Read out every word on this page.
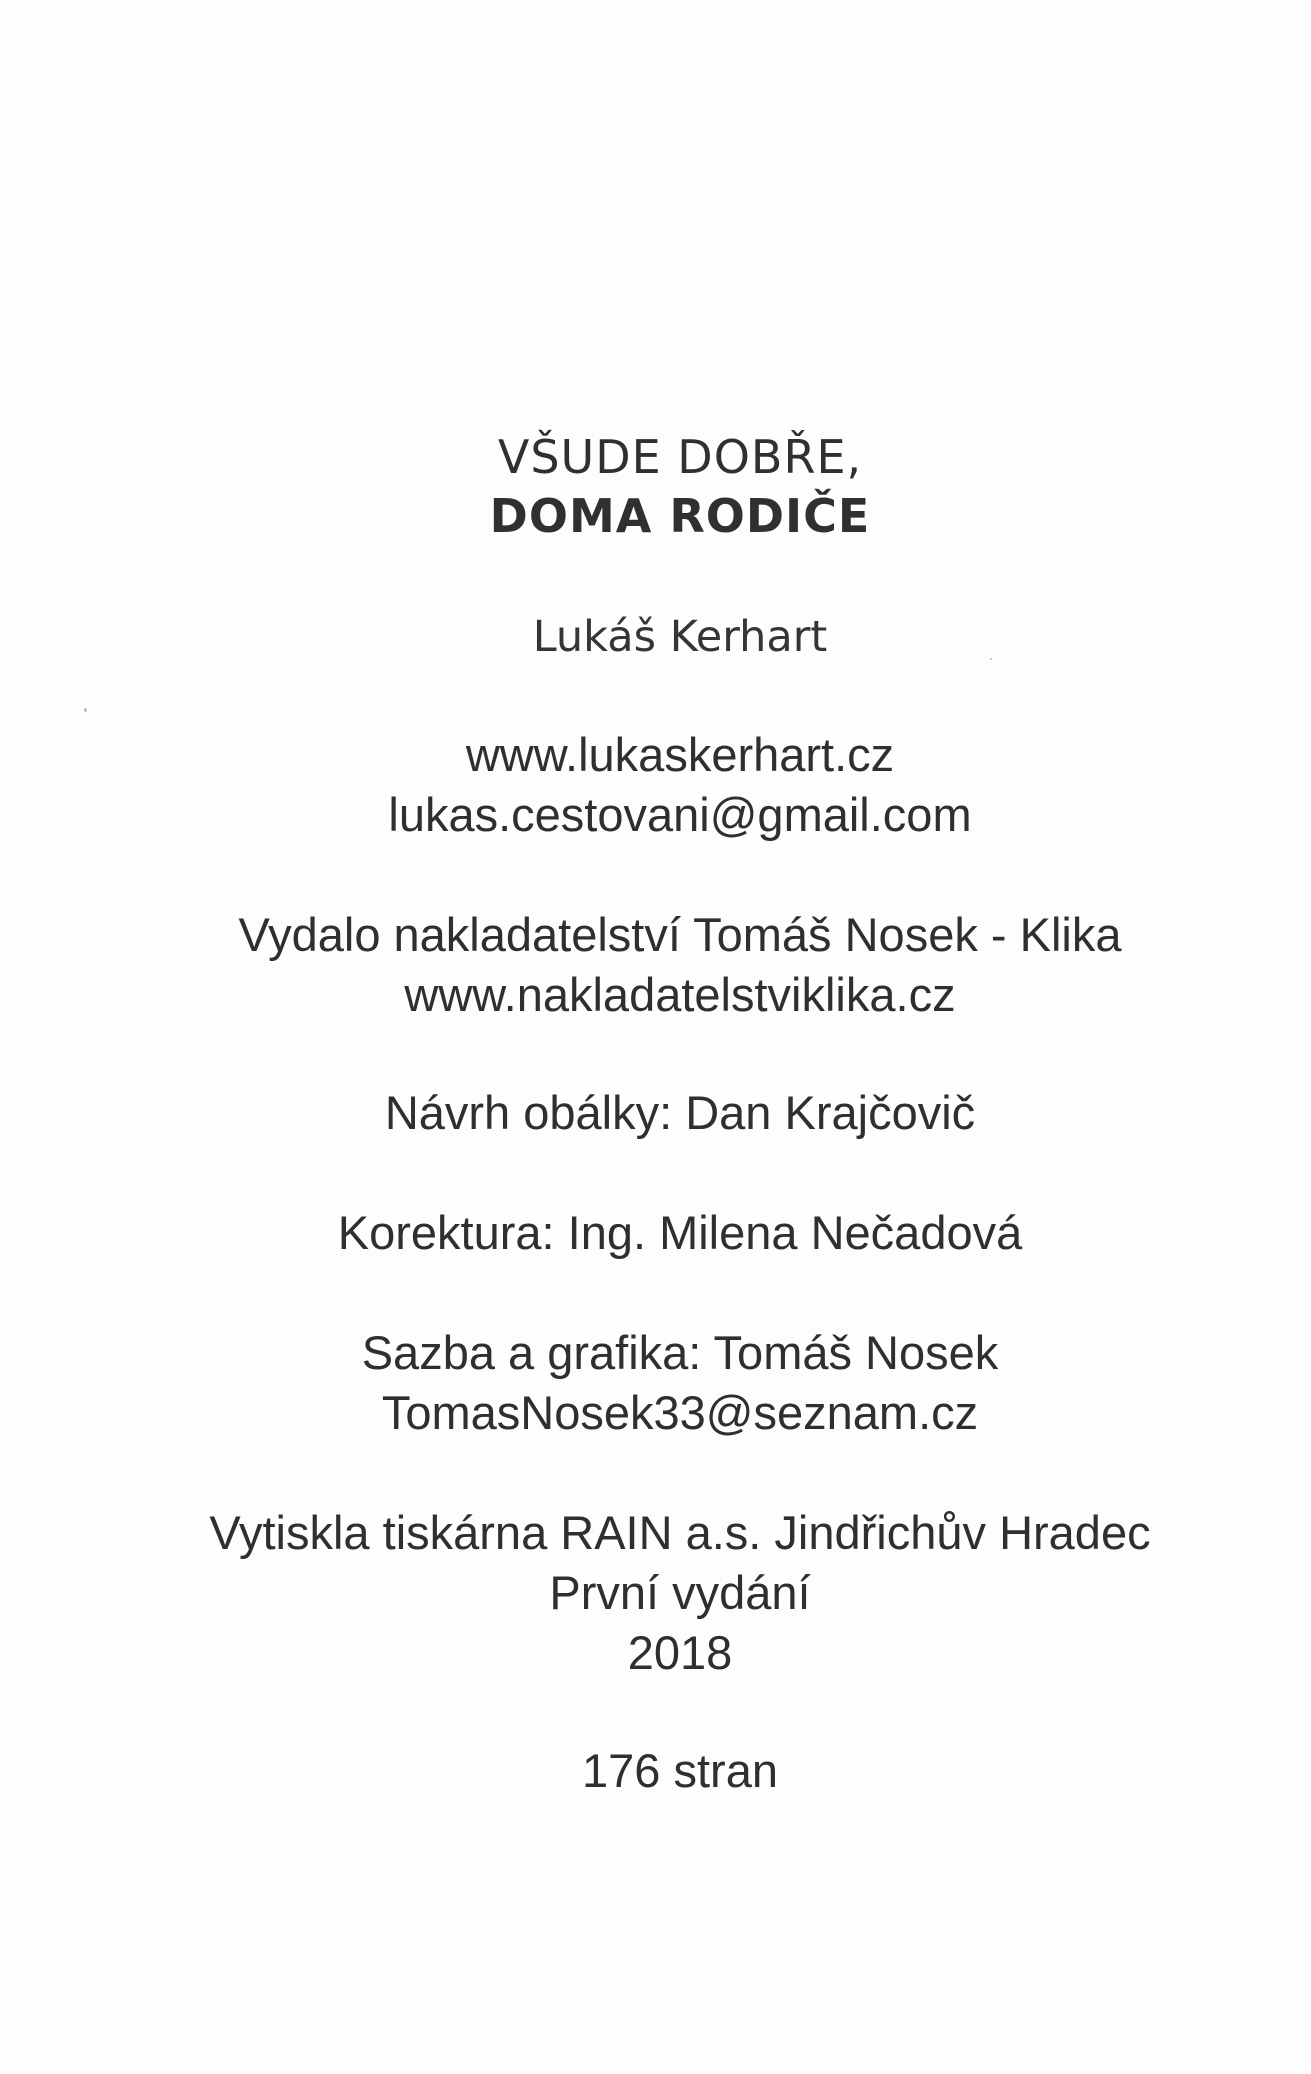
VŠUDE DOBŘE,
DOMA RODIČE
Lukáš Kerhart
www.lukaskerhart.cz
lukas.cestovani@gmail.com
Vydalo nakladatelství Tomáš Nosek - Klika
www.nakladatelstviklika.cz
Návrh obálky: Dan Krajčovič
Korektura: Ing. Milena Nečadová
Sazba a grafika: Tomáš Nosek
TomasNosek33@seznam.cz
Vytiskla tiskárna RAIN a.s. Jindřichův Hradec
První vydání
2018
176 stran
